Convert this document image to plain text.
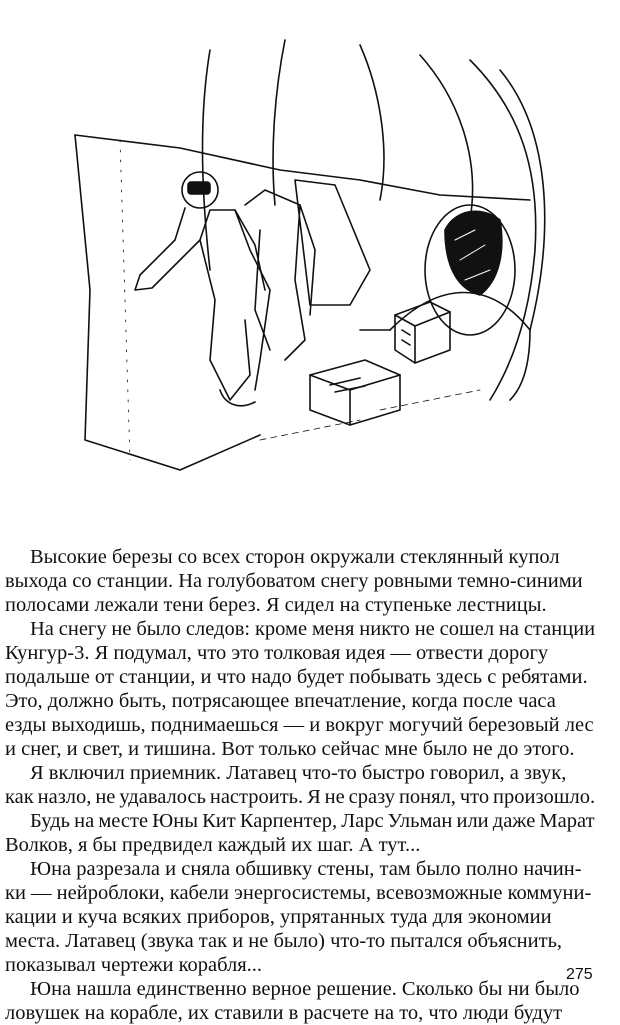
Высокие березы со всех сторон окружали стеклянный купол
выхода со станции. На голубоватом снегу ровными темно-синими
полосами лежали тени берез. Я сидел на ступеньке лестницы.
На снегу не было следов: кроме меня никто не сошел на станции
Кунгур-3. Я подумал, что это толковая идея — отвести дорогу
подальше от станции, и что надо будет побывать здесь с ребятами.
Это, должно быть, потрясающее впечатление, когда после часа
езды выходишь, поднимаешься — и вокруг могучий березовый лес
и снег, и свет, и тишина. Вот только сейчас мне было не до этого.
Я включил приемник. Латавец что-то быстро говорил, а звук,
как назло, не удавалось настроить. Я не сразу понял, что произошло.
Будь на месте Юны Кит Карпентер, Ларс Ульман или даже Марат
Волков, я бы предвидел каждый их шаг. А тут...
Юна разрезала и сняла обшивку стены, там было полно начин-
ки — нейроблоки, кабели энергосистемы, всевозможные коммуни-
кации и куча всяких приборов, упрятанных туда для экономии
места. Латавец (звука так и не было) что-то пытался объяснить,
показывал чертежи корабля...
Юна нашла единственно верное решение. Сколько бы ни было
ловушек на корабле, их ставили в расчете на то, что люди будут
275
